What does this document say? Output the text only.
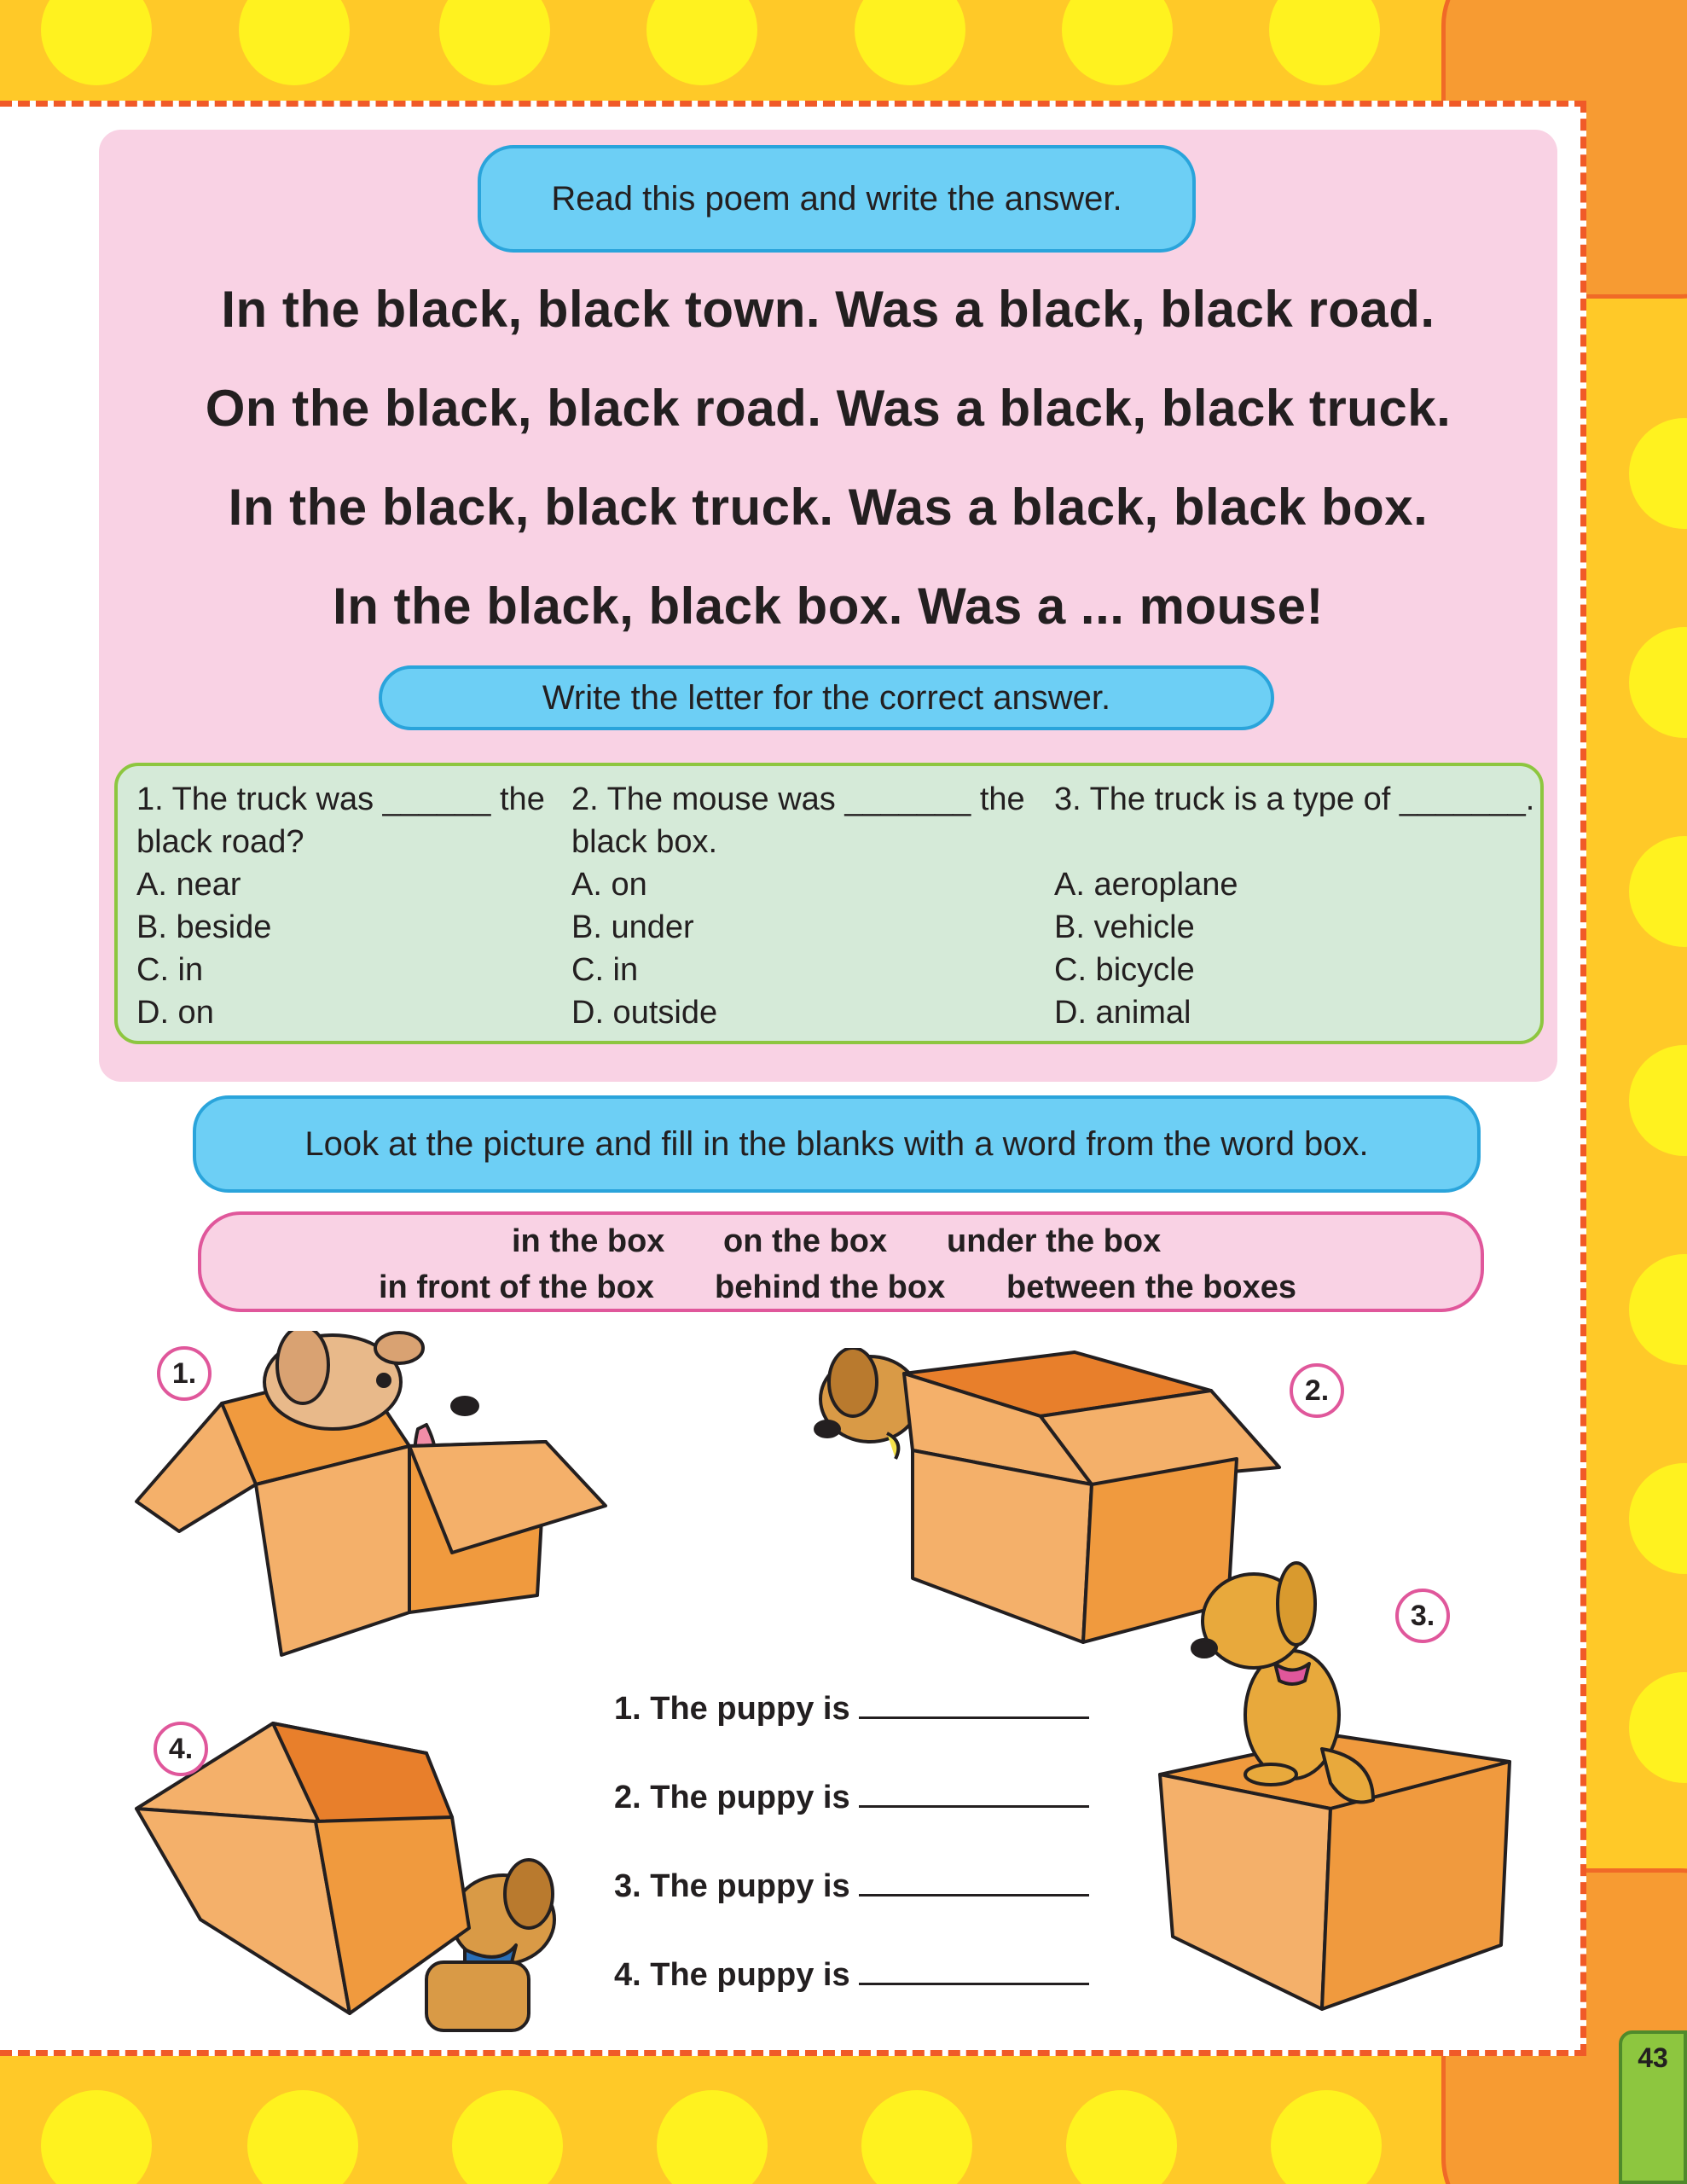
Read this poem and write the answer.
In the black, black town. Was a black, black road.
On the black, black road. Was a black, black truck.
In the black, black truck. Was a black, black box.
In the black, black box. Was a ... mouse!
Write the letter for the correct answer.
1. The truck was ______ the
black road?
A. near
B. beside
C. in
D. on
2. The mouse was _______ the
black box.
A. on
B. under
C. in
D. outside
3. The truck is a type of _______.
A. aeroplane
B. vehicle
C. bicycle
D. animal
Look at the picture and fill in the blanks with a word from the word box.
in the box on the box under the box
in front of the box behind the box between the boxes
1.
2.
3.
4.
1. The puppy is
2. The puppy is
3. The puppy is
4. The puppy is
43
